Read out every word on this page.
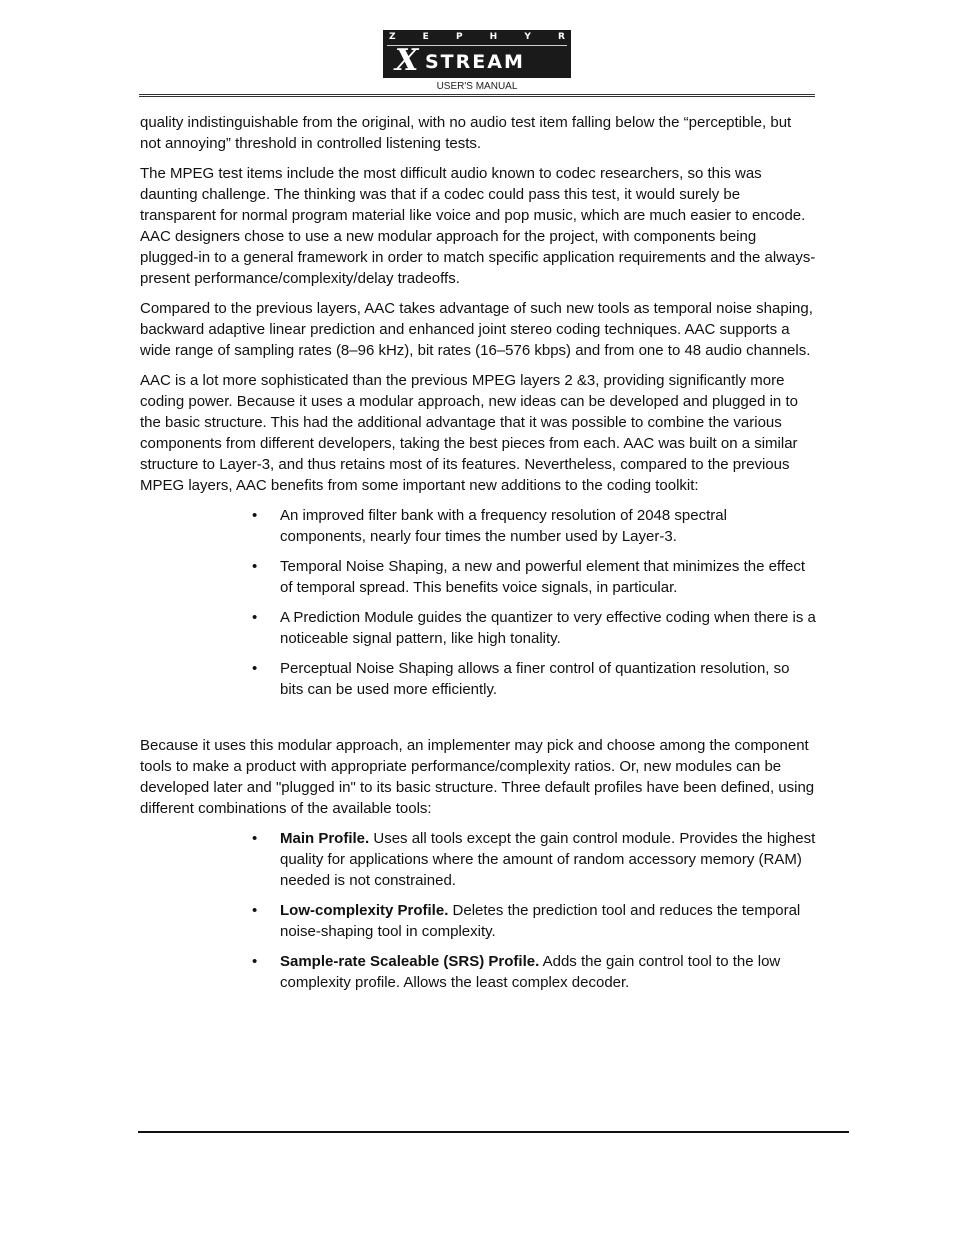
Z	E	P	H	Y	R
X STREAM
USER'S MANUAL

quality indistinguishable from the original, with no audio test item falling below the “perceptible, but not annoying” threshold in controlled listening tests.

The MPEG test items include the most difficult audio known to codec researchers, so this was daunting challenge. The thinking was that if a codec could pass this test, it would surely be transparent for normal program material like voice and pop music, which are much easier to encode. AAC designers chose to use a new modular approach for the project, with components being plugged-in to a general framework in order to match specific application requirements and the always-present performance/complexity/delay tradeoffs.

Compared to the previous layers, AAC takes advantage of such new tools as temporal noise shaping, backward adaptive linear prediction and enhanced joint stereo coding techniques. AAC supports a wide range of sampling rates (8–96 kHz), bit rates (16–576 kbps) and from one to 48 audio channels.

AAC is a lot more sophisticated than the previous MPEG layers 2 &3, providing significantly more coding power. Because it uses a modular approach, new ideas can be developed and plugged in to the basic structure. This had the additional advantage that it was possible to combine the various components from different developers, taking the best pieces from each. AAC was built on a similar structure to Layer-3, and thus retains most of its features. Nevertheless, compared to the previous MPEG layers, AAC benefits from some important new additions to the coding toolkit:

• An improved filter bank with a frequency resolution of 2048 spectral components, nearly four times the number used by Layer-3.
• Temporal Noise Shaping, a new and powerful element that minimizes the effect of temporal spread. This benefits voice signals, in particular.
• A Prediction Module guides the quantizer to very effective coding when there is a noticeable signal pattern, like high tonality.
• Perceptual Noise Shaping allows a finer control of quantization resolution, so bits can be used more efficiently.

Because it uses this modular approach, an implementer may pick and choose among the component tools to make a product with appropriate performance/complexity ratios. Or, new modules can be developed later and "plugged in" to its basic structure. Three default profiles have been defined, using different combinations of the available tools:

• Main Profile. Uses all tools except the gain control module. Provides the highest quality for applications where the amount of random accessory memory (RAM) needed is not constrained.
• Low-complexity Profile. Deletes the prediction tool and reduces the temporal noise-shaping tool in complexity.
• Sample-rate Scaleable (SRS) Profile. Adds the gain control tool to the low complexity profile. Allows the least complex decoder.
